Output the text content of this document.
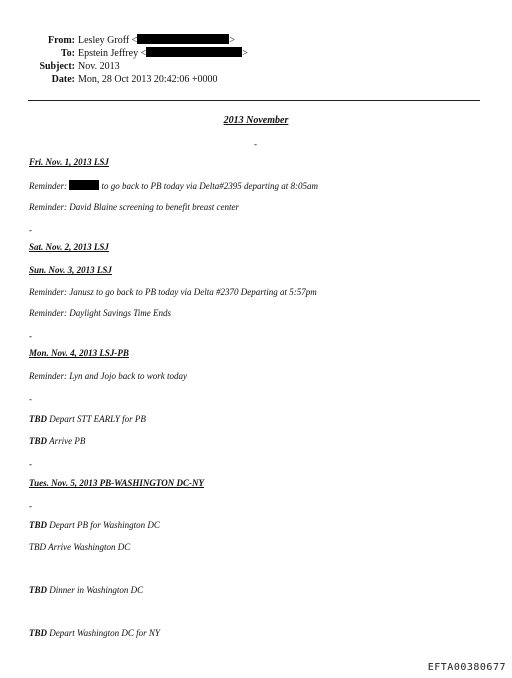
From: Lesley Groff <	>
To: Epstein Jeffrey <	>
Subject: Nov. 2013
Date: Mon, 28 Oct 2013 20:42:06 +0000
2013 November
-
Fri. Nov. 1, 2013 LSJ
Reminder:	to go back to PB today via Delta#2395 departing at 8:05am
Reminder: David Blaine screening to benefit breast center
-
Sat. Nov. 2, 2013 LSJ
Sun. Nov. 3, 2013 LSJ
Reminder: Janusz to go back to PB today via Delta #2370 Departing at 5:57pm
Reminder: Daylight Savings Time Ends
-
Mon. Nov. 4, 2013 LSJ-PB
Reminder: Lyn and Jojo back to work today
-
TBD Depart STT EARLY for PB
TBD Arrive PB
-
Tues. Nov. 5, 2013 PB-WASHINGTON DC-NY
-
TBD Depart PB for Washington DC
TBD Arrive Washington DC
TBD Dinner in Washington DC
TBD Depart Washington DC for NY
EFTA00380677
